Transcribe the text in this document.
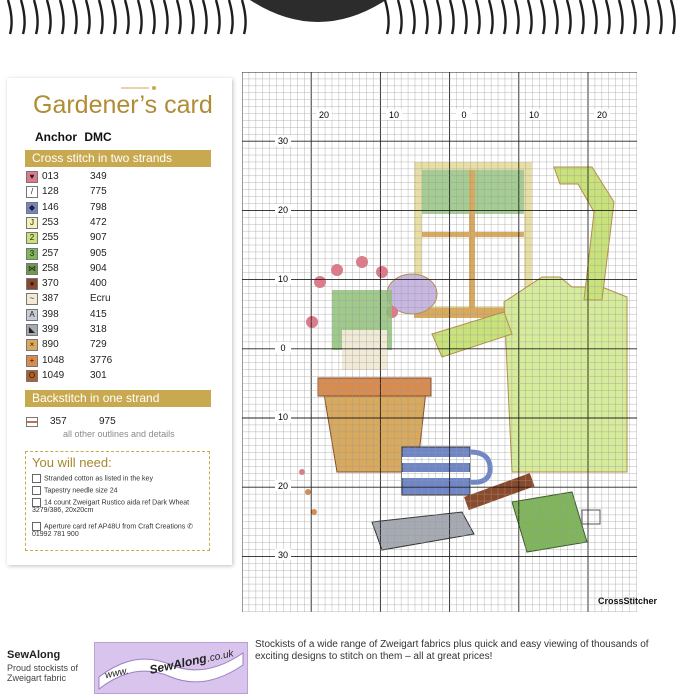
Gardener’s card
Anchor DMC
Cross stitch in two strands
♥ 013	349
/ 128	775
◆ 146	798
J 253	472
2 255	907
3 257	905
⋈ 258	904
● 370	400
~ 387	Ecru
A 398	415
◣ 399	318
× 890	729
+ 1048	3776
O 1049	301
Backstitch in one strand
357	975
all other outlines and details
You will need:
Stranded cotton as listed in the key
Tapestry needle size 24
14 count Zweigart Rustico aida ref Dark Wheat 3279/386, 20x20cm
Aperture card ref AP48U from Craft Creations ✆ 01992 781 900
20	10	0	10	20
30
20
10
0
10
20
30
CrossStitcher
SewAlong
Proud stockists of Zweigart fabric	www. SewAlong
.co.uk
Stockists of a wide range of Zweigart fabrics plus quick and easy viewing of thousands of exciting designs to stitch on them – all at great prices!
